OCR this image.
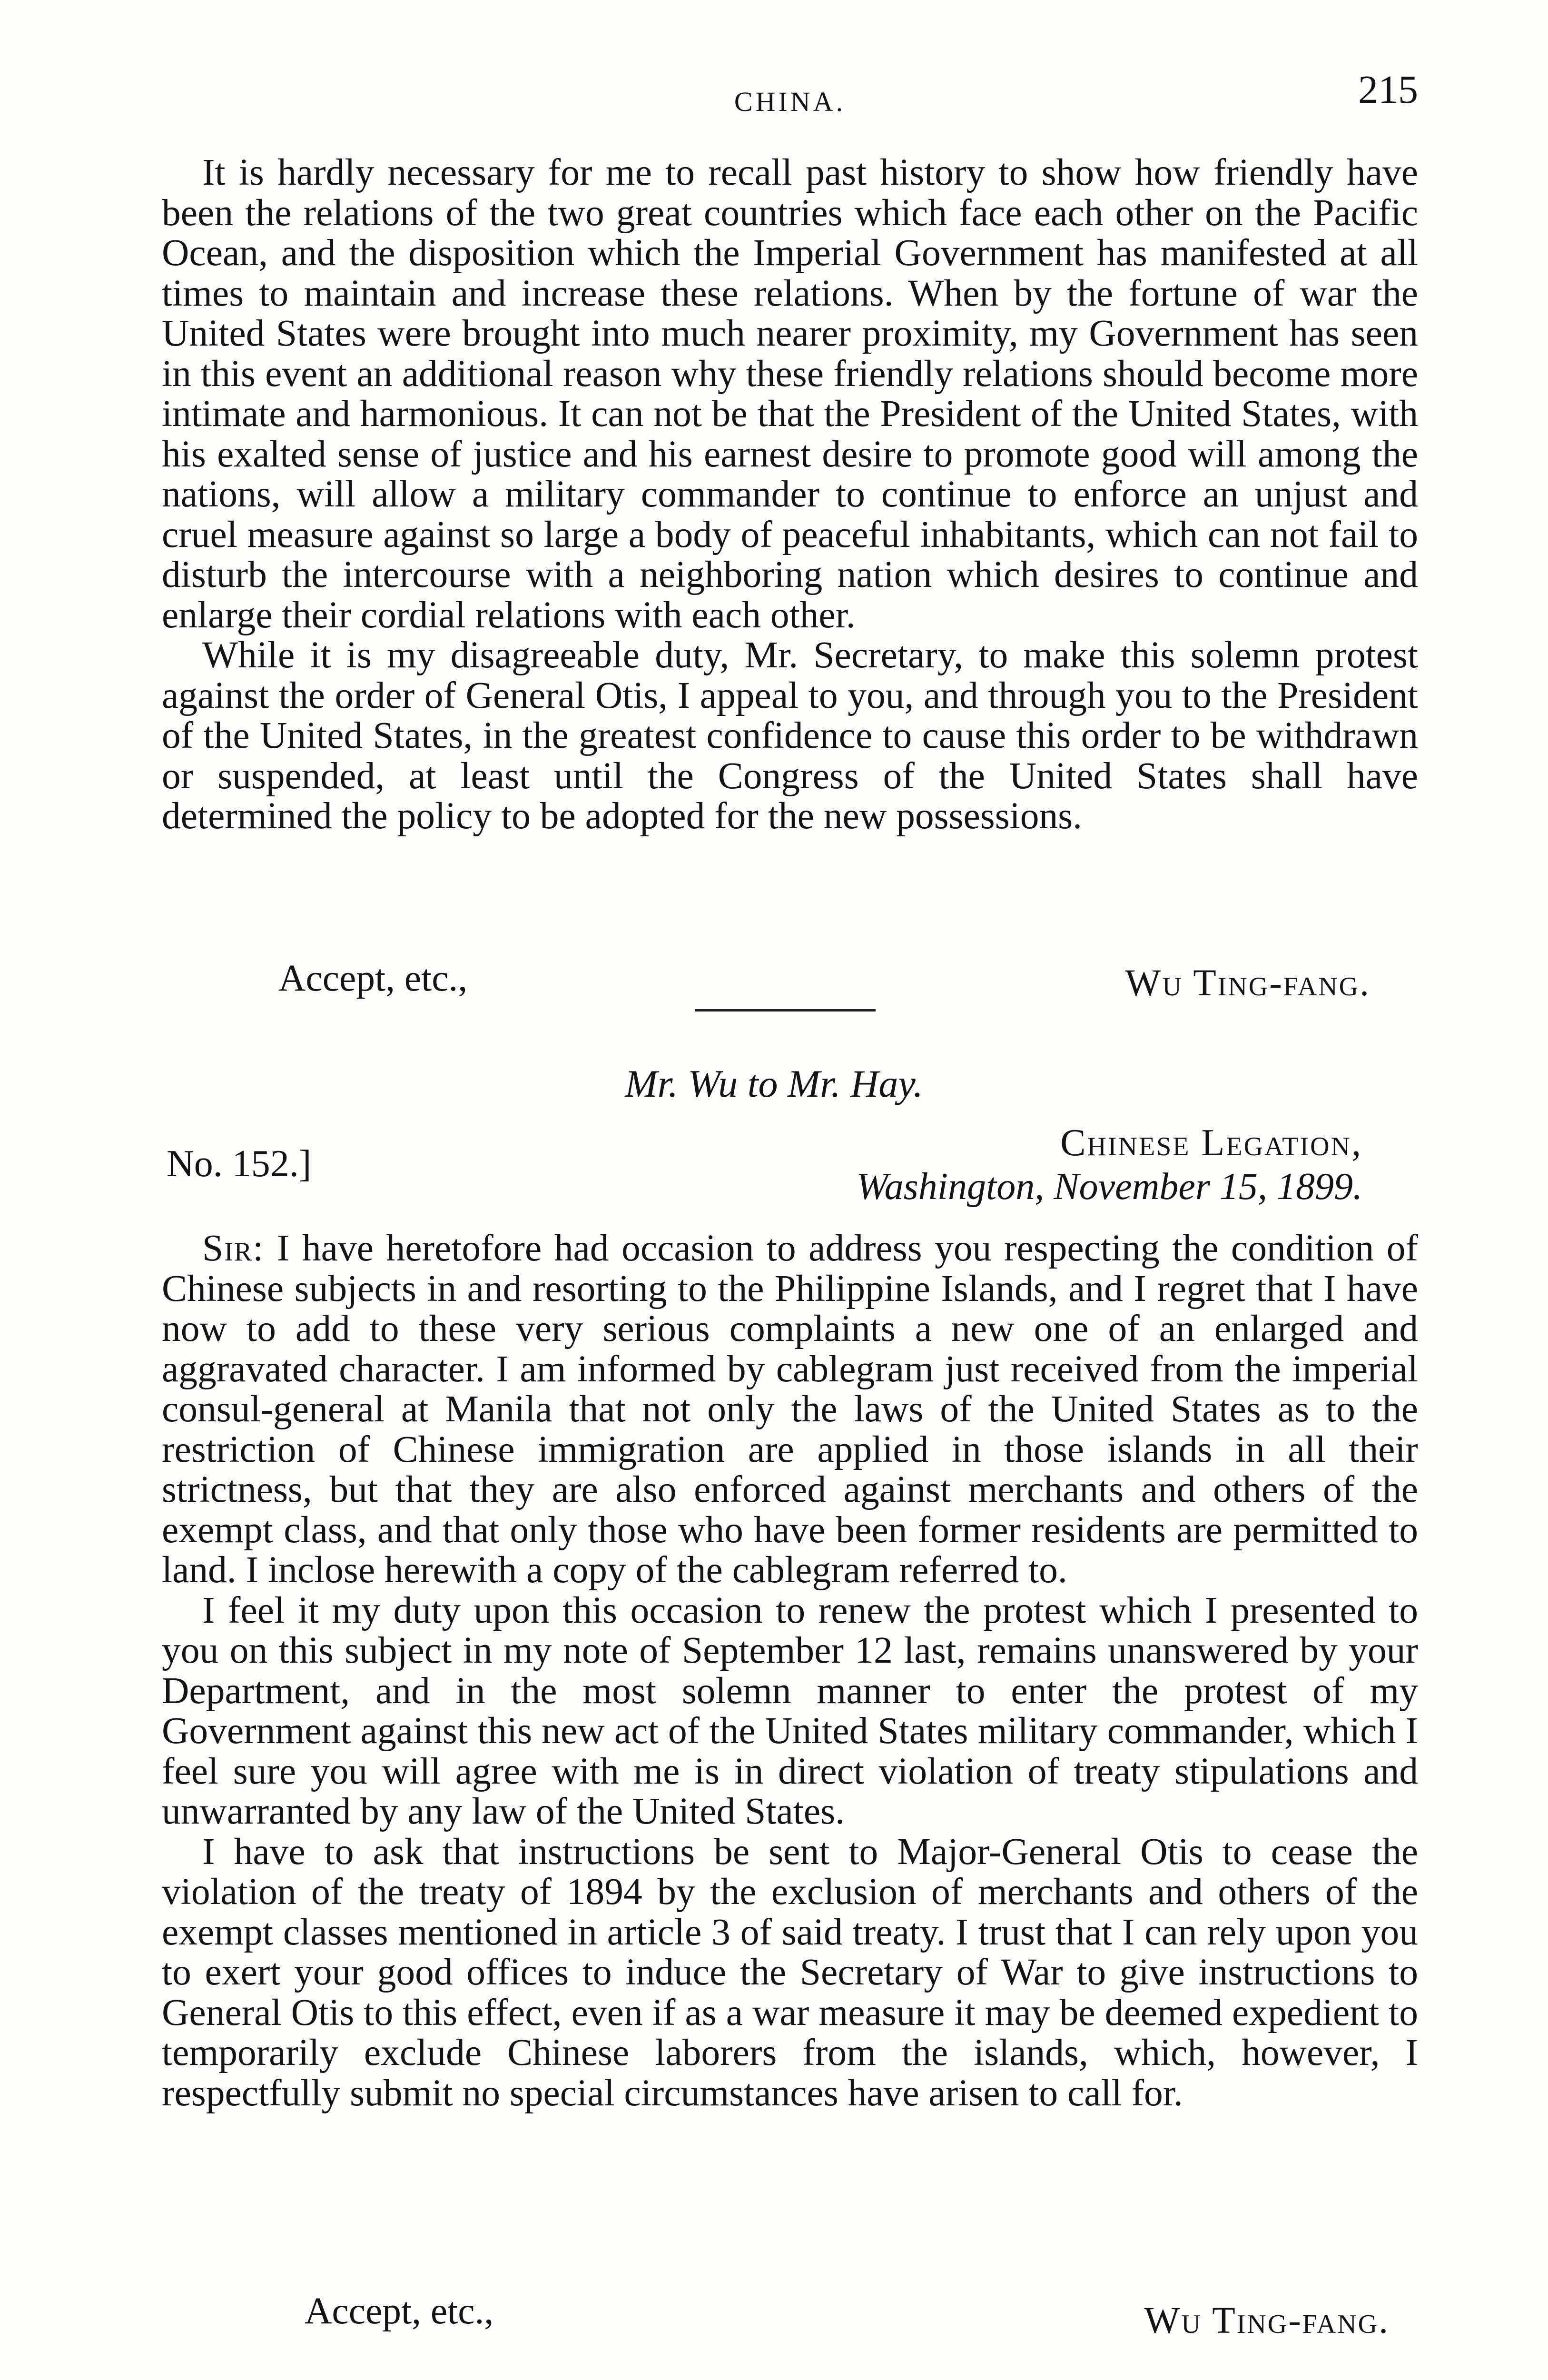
CHINA.	215

It is hardly necessary for me to recall past history to show how friendly have been the relations of the two great countries which face each other on the Pacific Ocean, and the disposition which the Imperial Government has manifested at all times to maintain and increase these relations. When by the fortune of war the United States were brought into much nearer proximity, my Government has seen in this event an additional reason why these friendly relations should become more intimate and harmonious. It can not be that the President of the United States, with his exalted sense of justice and his earnest desire to promote good will among the nations, will allow a military commander to continue to enforce an unjust and cruel measure against so large a body of peaceful inhabitants, which can not fail to disturb the intercourse with a neighboring nation which desires to continue and enlarge their cordial relations with each other.

While it is my disagreeable duty, Mr. Secretary, to make this solemn protest against the order of General Otis, I appeal to you, and through you to the President of the United States, in the greatest confidence to cause this order to be withdrawn or suspended, at least until the Congress of the United States shall have determined the policy to be adopted for the new possessions.

Accept, etc.,	Wu Ting-fang.
Mr. Wu to Mr. Hay.
No. 152.]	Chinese Legation,
Washington, November 15, 1899.

Sir: I have heretofore had occasion to address you respecting the condition of Chinese subjects in and resorting to the Philippine Islands, and I regret that I have now to add to these very serious complaints a new one of an enlarged and aggravated character. I am informed by cablegram just received from the imperial consul-general at Manila that not only the laws of the United States as to the restriction of Chinese immigration are applied in those islands in all their strictness, but that they are also enforced against merchants and others of the exempt class, and that only those who have been former residents are permitted to land. I inclose herewith a copy of the cablegram referred to.

I feel it my duty upon this occasion to renew the protest which I presented to you on this subject in my note of September 12 last, remains unanswered by your Department, and in the most solemn manner to enter the protest of my Government against this new act of the United States military commander, which I feel sure you will agree with me is in direct violation of treaty stipulations and unwarranted by any law of the United States.

I have to ask that instructions be sent to Major-General Otis to cease the violation of the treaty of 1894 by the exclusion of merchants and others of the exempt classes mentioned in article 3 of said treaty. I trust that I can rely upon you to exert your good offices to induce the Secretary of War to give instructions to General Otis to this effect, even if as a war measure it may be deemed expedient to temporarily exclude Chinese laborers from the islands, which, however, I respectfully submit no special circumstances have arisen to call for.

Accept, etc.,	Wu Ting-fang.
